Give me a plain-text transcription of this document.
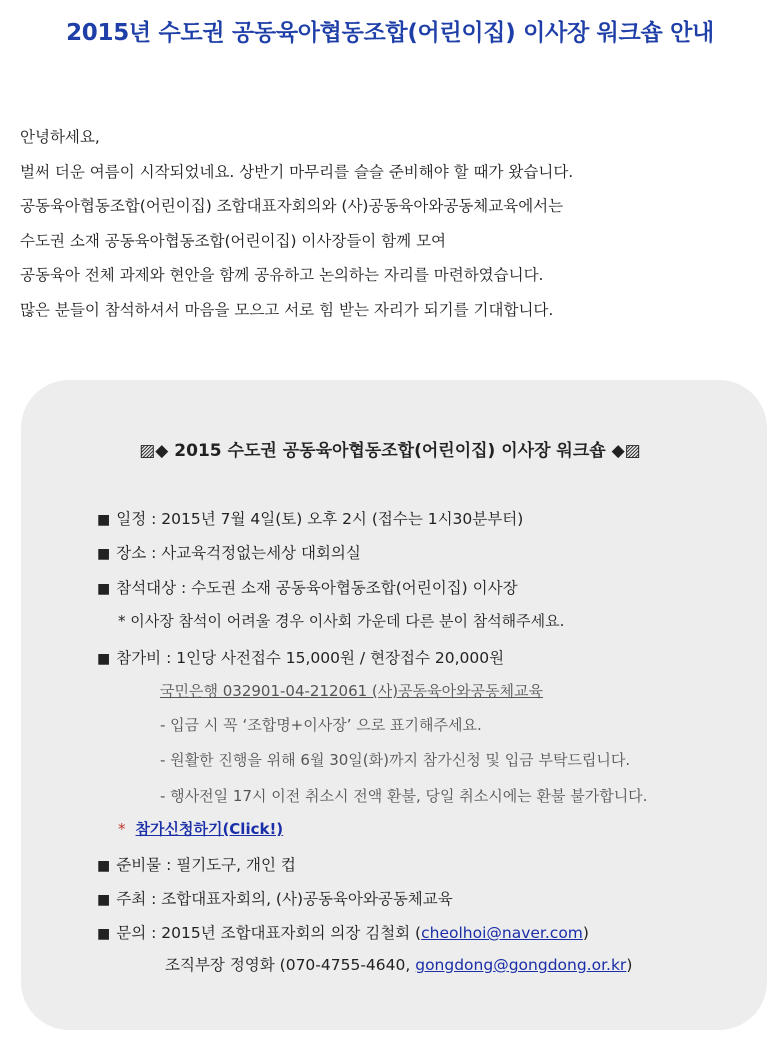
2015년 수도권 공동육아협동조합(어린이집) 이사장 워크숍 안내

안녕하세요,

벌써 더운 여름이 시작되었네요. 상반기 마무리를 슬슬 준비해야 할 때가 왔습니다.

공동육아협동조합(어린이집) 조합대표자회의와 (사)공동육아와공동체교육에서는

수도권 소재 공동육아협동조합(어린이집) 이사장들이 함께 모여

공동육아 전체 과제와 현안을 함께 공유하고 논의하는 자리를 마련하였습니다.

많은 분들이 참석하셔서 마음을 모으고 서로 힘 받는 자리가 되기를 기대합니다.

▨◆ 2015 수도권 공동육아협동조합(어린이집) 이사장 워크숍 ◆▨
■ 일정 : 2015년 7월 4일(토) 오후 2시 (접수는 1시30분부터)
■ 장소 : 사교육걱정없는세상 대회의실
■ 참석대상 : 수도권 소재 공동육아협동조합(어린이집) 이사장
* 이사장 참석이 어려울 경우 이사회 가운데 다른 분이 참석해주세요.
■ 참가비 : 1인당 사전접수 15,000원 / 현장접수 20,000원
국민은행 032901-04-212061 (사)공동육아와공동체교육
- 입금 시 꼭 ‘조합명+이사장’ 으로 표기해주세요.
- 원활한 진행을 위해 6월 30일(화)까지 참가신청 및 입금 부탁드립니다.
- 행사전일 17시 이전 취소시 전액 환불, 당일 취소시에는 환불 불가합니다.
* 참가신청하기(Click!)
■ 준비물 : 필기도구, 개인 컵
■ 주최 : 조합대표자회의, (사)공동육아와공동체교육
■ 문의 : 2015년 조합대표자회의 의장 김철회 (cheolhoi@naver.com)
조직부장 정영화 (070-4755-4640, gongdong@gongdong.or.kr)
